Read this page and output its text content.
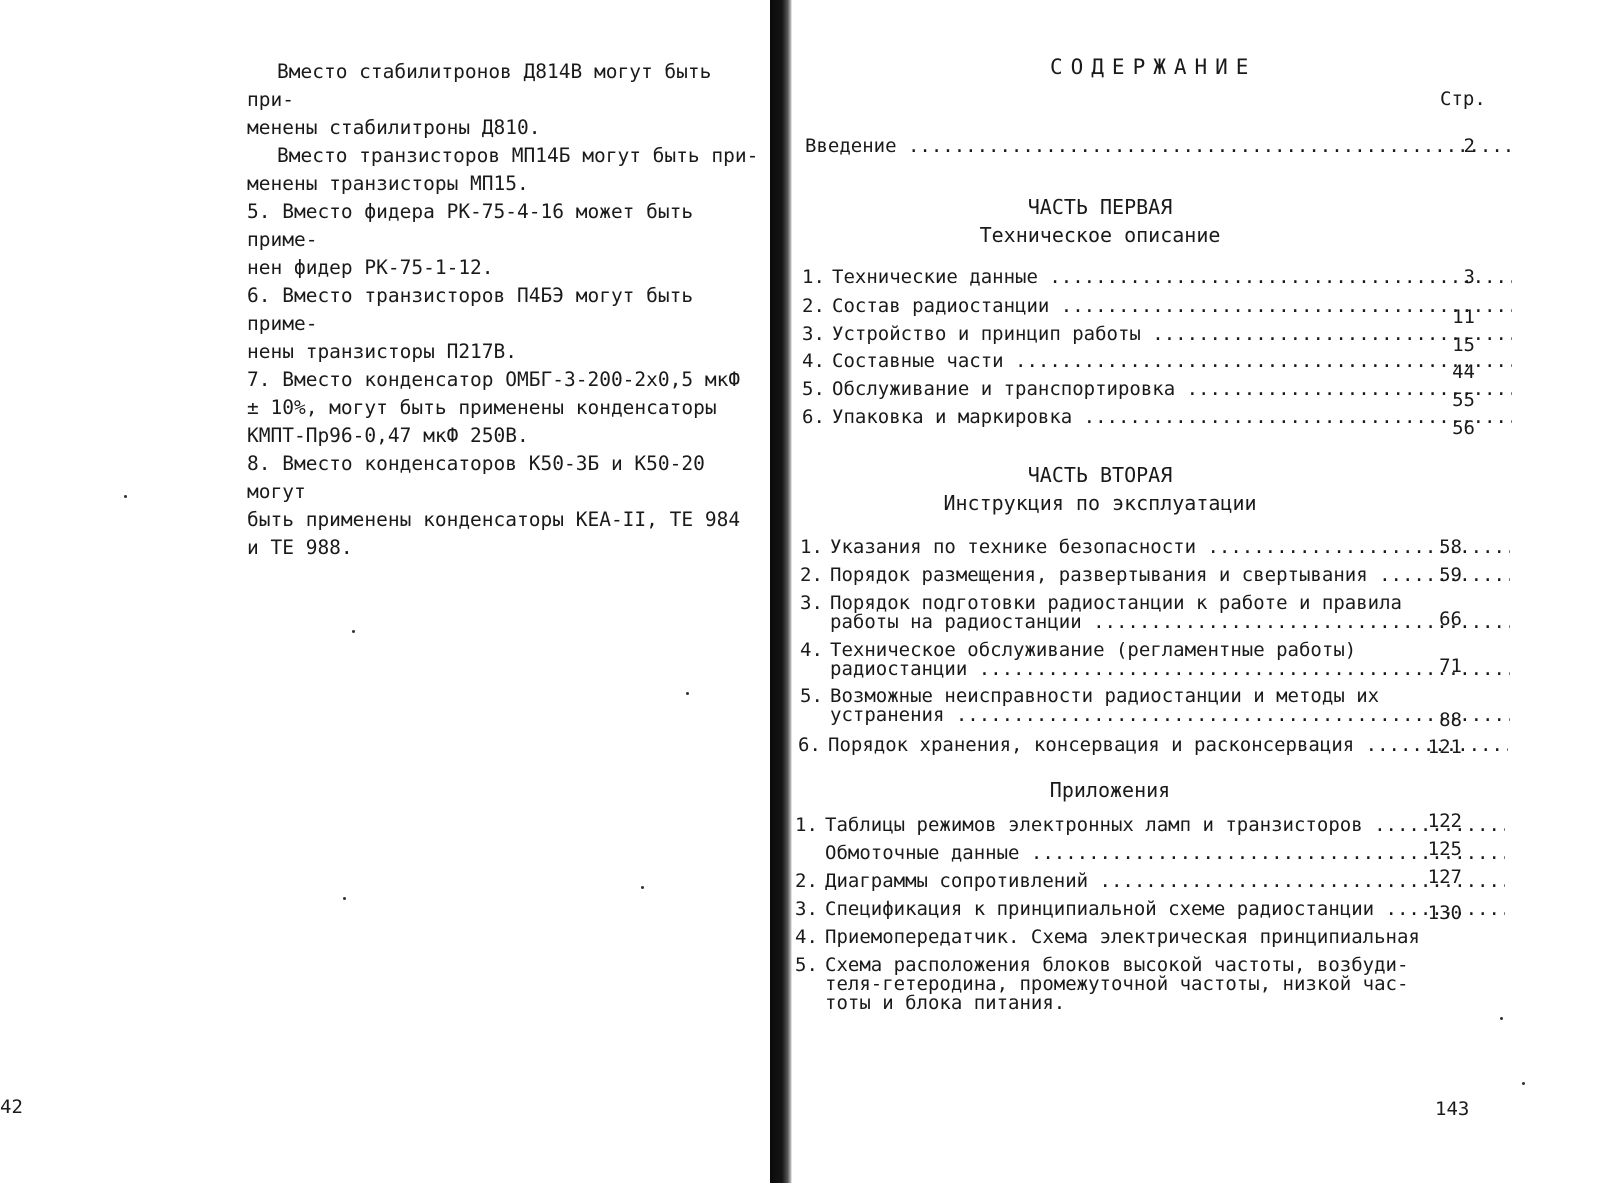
Вместо стабилитронов Д814В могут быть при-

менены стабилитроны Д810.

Вместо транзисторов МП14Б могут быть при-

менены транзисторы МП15.

5. Вместо фидера РК-75-4-16 может быть приме-

нен фидер РК-75-1-12.

6. Вместо транзисторов П4БЭ могут быть приме-

нены транзисторы П217В.

7. Вместо конденсатор ОМБГ-3-200-2х0,5 мкФ

± 10%, могут быть применены конденсаторы

КМПТ-Пр96-0,47 мкФ 250В.

8. Вместо конденсаторов К50-3Б и К50-20 могут

быть применены конденсаторы КЕА-II, ТЕ 984

и ТЕ 988.

42
СОДЕРЖАНИЕ
Стр.
Введение .....	2
ЧАСТЬ ПЕРВАЯ
Техническое описание
1. Технические данные .....	3
2. Состав радиостанции .....	11
3. Устройство и принцип работы .....	15
4. Составные части .....	44
5. Обслуживание и транспортировка .....	55
6. Упаковка и маркировка .....	56
ЧАСТЬ ВТОРАЯ
Инструкция по эксплуатации
1. Указания по технике безопасности .....	58
2. Порядок размещения, развертывания и свертывания .....	59
3. Порядок подготовки радиостанции к работе и правила
работы на радиостанции .....	66
4. Техническое обслуживание (регламентные работы)
радиостанции .....	71
5. Возможные неисправности радиостанции и методы их
устранения .....	88
6. Порядок хранения, консервация и расконсервация .....	121
Приложения
1. Таблицы режимов электронных ламп и транзисторов .....	122
Обмоточные данные .....	125
2. Диаграммы сопротивлений .....	127
3. Спецификация к принципиальной схеме радиостанции .....	130
4. Приемопередатчик. Схема электрическая принципиальная
5. Схема расположения блоков высокой частоты, возбуди-
теля-гетеродина, промежуточной частоты, низкой час-
тоты и блока питания.
143
